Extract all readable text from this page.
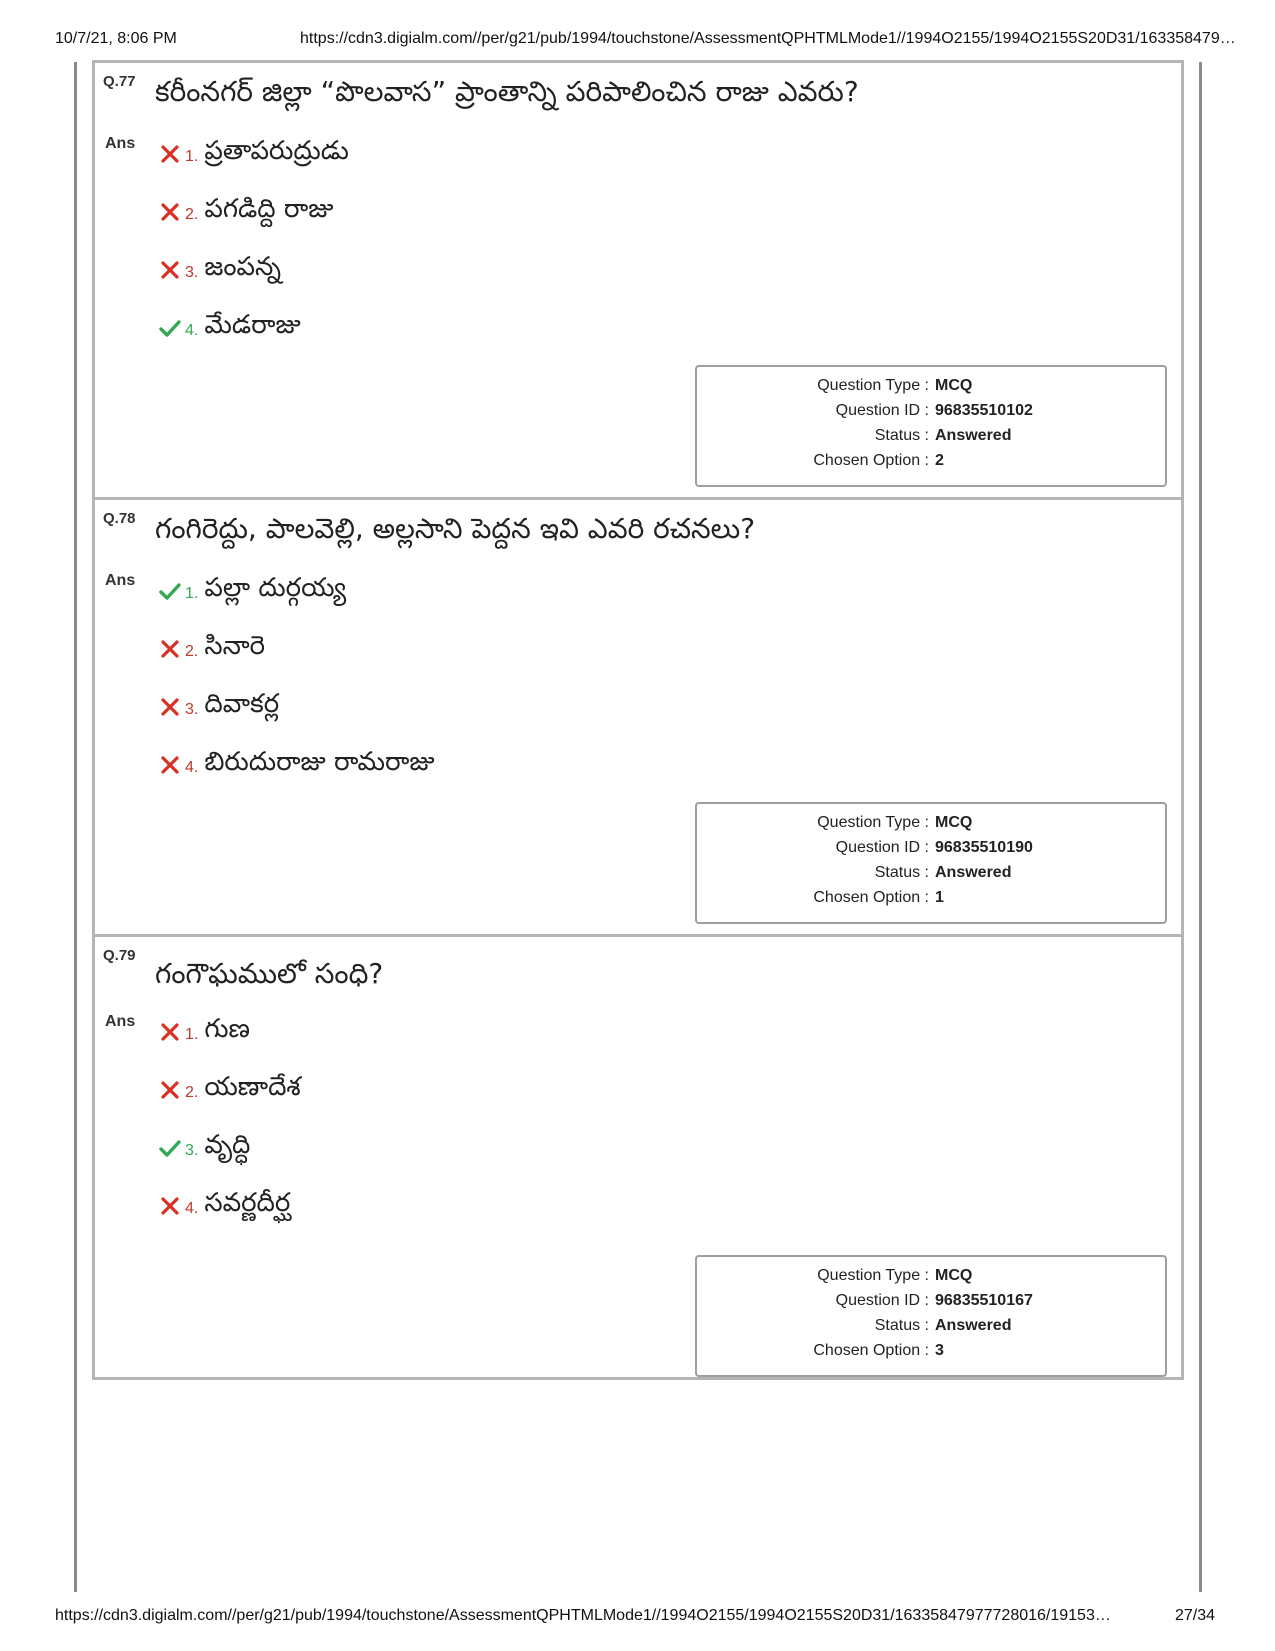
10/7/21, 8:06 PM	https://cdn3.digialm.com//per/g21/pub/1994/touchstone/AssessmentQPHTMLMode1//1994O2155/1994O2155S20D31/163358479…
Q.77 కరీంనగర్ జిల్లా “పొలవాస” ప్రాంతాన్ని పరిపాలించిన రాజు ఎవరు?
Ans
1. ప్రతాపరుద్రుడు
2. పగడిద్ది రాజు
3. జంపన్న
4. మేడరాజు
Question Type : MCQ
Question ID : 96835510102
Status : Answered
Chosen Option : 2
Q.78 గంగిరెద్దు, పాలవెల్లి, అల్లసాని పెద్దన ఇవి ఎవరి రచనలు?
Ans
1. పల్లా దుర్గయ్య
2. సినారె
3. దివాకర్ల
4. బిరుదురాజు రామరాజు
Question Type : MCQ
Question ID : 96835510190
Status : Answered
Chosen Option : 1
Q.79
గంగౌఘములో సంధి?
Ans
1. గుణ
2. యణాదేశ
3. వృద్ధి
4. సవర్ణదీర్ఘ
Question Type : MCQ
Question ID : 96835510167
Status : Answered
Chosen Option : 3
https://cdn3.digialm.com//per/g21/pub/1994/touchstone/AssessmentQPHTMLMode1//1994O2155/1994O2155S20D31/16335847977728016/19153…	27/34
